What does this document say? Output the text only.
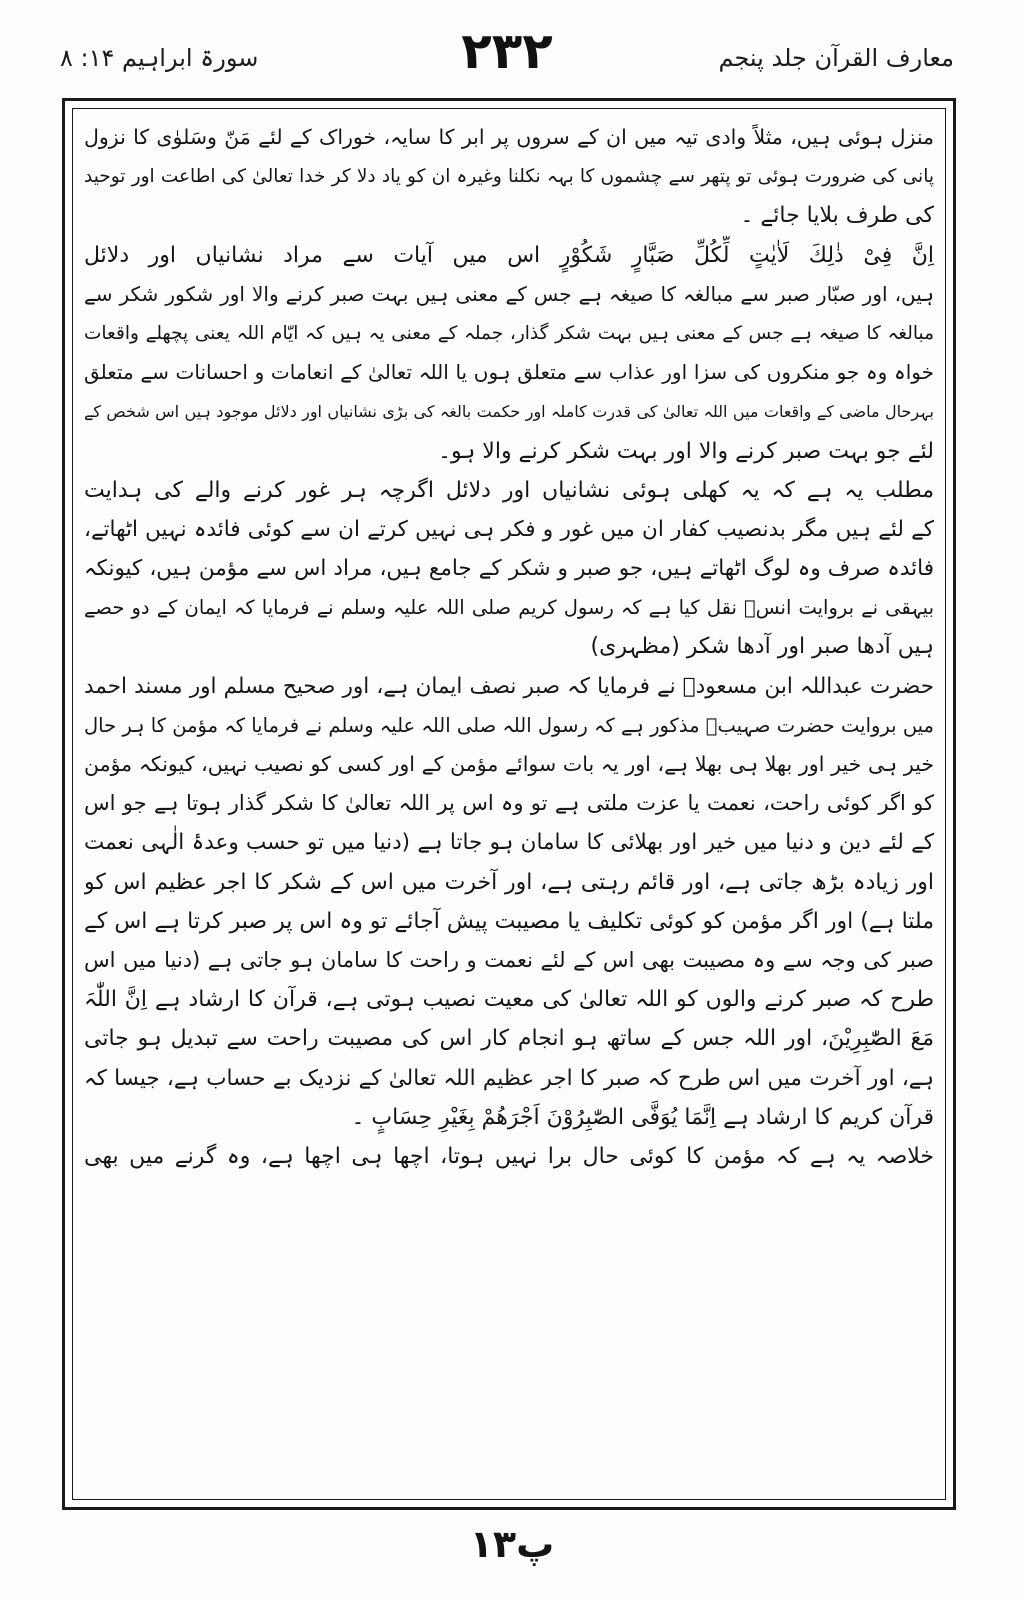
معارف القرآن جلد پنجم
۲۳۲
سورۃ ابراہیم ۱۴: ۸
منزل ہوئی ہیں، مثلاً وادی تیہ میں ان کے سروں پر ابر کا سایہ، خوراک کے لئے مَنّ وسَلوٰی کا نزول
پانی کی ضرورت ہوئی تو پتھر سے چشموں کا بہہ نکلنا وغیرہ ان کو یاد دلا کر خدا تعالیٰ کی اطاعت اور توحید
کی طرف بلایا جائے ۔
اِنَّ فِیْ ذٰلِكَ لَاٰیٰتٍ لِّكُلِّ صَبَّارٍ شَكُوْرٍ اس میں آیات سے مراد نشانیاں اور دلائل
ہیں، اور صبّار صبر سے مبالغہ کا صیغہ ہے جس کے معنی ہیں بہت صبر کرنے والا اور شکور شکر سے
مبالغہ کا صیغہ ہے جس کے معنی ہیں بہت شکر گذار، جملہ کے معنی یہ ہیں کہ ایّام اللہ یعنی پچھلے واقعات
خواہ وہ جو منکروں کی سزا اور عذاب سے متعلق ہوں یا اللہ تعالیٰ کے انعامات و احسانات سے متعلق
بہرحال ماضی کے واقعات میں اللہ تعالیٰ کی قدرت کاملہ اور حکمت بالغہ کی بڑی نشانیاں اور دلائل موجود ہیں اس شخص کے
لئے جو بہت صبر کرنے والا اور بہت شکر کرنے والا ہو۔
مطلب یہ ہے کہ یہ کھلی ہوئی نشانیاں اور دلائل اگرچہ ہر غور کرنے والے کی ہدایت
کے لئے ہیں مگر بدنصیب کفار ان میں غور و فکر ہی نہیں کرتے ان سے کوئی فائدہ نہیں اٹھاتے،
فائدہ صرف وہ لوگ اٹھاتے ہیں، جو صبر و شکر کے جامع ہیں، مراد اس سے مؤمن ہیں، کیونکہ
بیہقی نے بروایت انسؓ نقل کیا ہے کہ رسول کریم صلی اللہ علیہ وسلم نے فرمایا کہ ایمان کے دو حصے
ہیں آدھا صبر اور آدھا شکر (مظہری)
حضرت عبداللہ ابن مسعودؓ نے فرمایا کہ صبر نصف ایمان ہے، اور صحیح مسلم اور مسند احمد
میں بروایت حضرت صہیبؓ مذکور ہے کہ رسول اللہ صلی اللہ علیہ وسلم نے فرمایا کہ مؤمن کا ہر حال
خیر ہی خیر اور بھلا ہی بھلا ہے، اور یہ بات سوائے مؤمن کے اور کسی کو نصیب نہیں، کیونکہ مؤمن
کو اگر کوئی راحت، نعمت یا عزت ملتی ہے تو وہ اس پر اللہ تعالیٰ کا شکر گذار ہوتا ہے جو اس
کے لئے دین و دنیا میں خیر اور بھلائی کا سامان ہو جاتا ہے (دنیا میں تو حسب وعدۂ الٰہی نعمت
اور زیادہ بڑھ جاتی ہے، اور قائم رہتی ہے، اور آخرت میں اس کے شکر کا اجر عظیم اس کو
ملتا ہے) اور اگر مؤمن کو کوئی تکلیف یا مصیبت پیش آجائے تو وہ اس پر صبر کرتا ہے اس کے
صبر کی وجہ سے وہ مصیبت بھی اس کے لئے نعمت و راحت کا سامان ہو جاتی ہے (دنیا میں اس
طرح کہ صبر کرنے والوں کو اللہ تعالیٰ کی معیت نصیب ہوتی ہے، قرآن کا ارشاد ہے اِنَّ اللّٰہَ
مَعَ الصّٰبِرِیْنَ، اور اللہ جس کے ساتھ ہو انجام کار اس کی مصیبت راحت سے تبدیل ہو جاتی
ہے، اور آخرت میں اس طرح کہ صبر کا اجر عظیم اللہ تعالیٰ کے نزدیک بے حساب ہے، جیسا کہ
قرآن کریم کا ارشاد ہے اِنَّمَا یُوَفَّی الصّٰبِرُوْنَ اَجْرَهُمْ بِغَیْرِ حِسَابٍ ۔
خلاصہ یہ ہے کہ مؤمن کا کوئی حال برا نہیں ہوتا، اچھا ہی اچھا ہے، وہ گرنے میں بھی
۱۳پ
